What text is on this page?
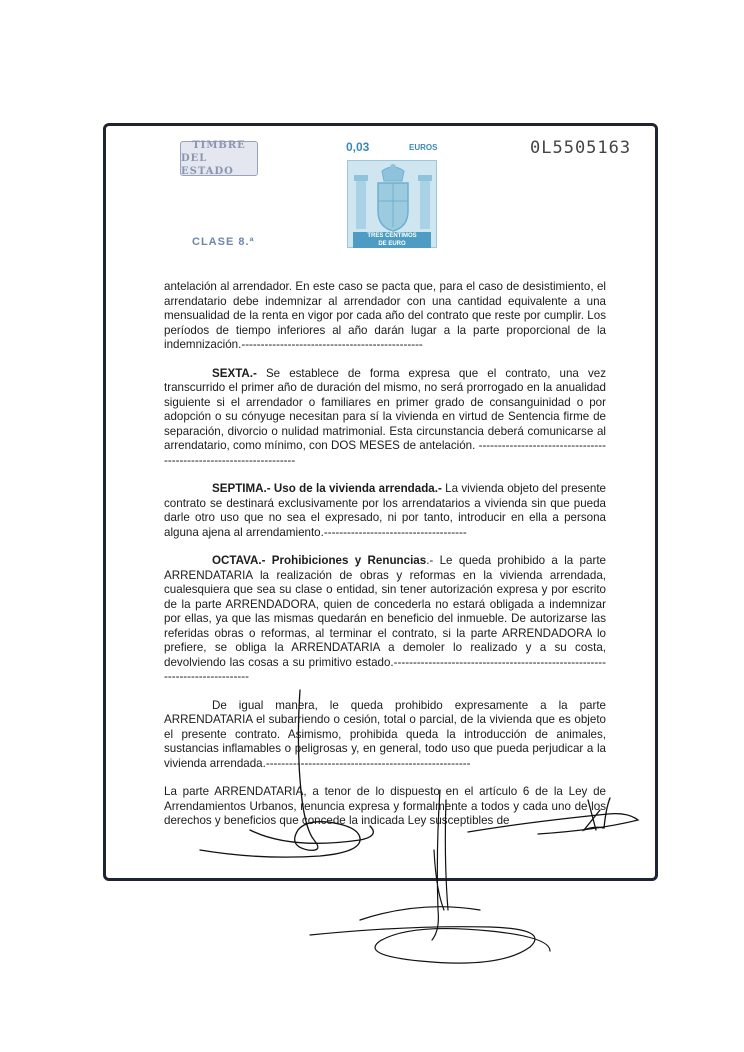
TIMBRE
DEL ESTADO
CLASE 8.ª
0,03	EUROS
TRES CÉNTIMOS
DE EURO
0L5505163

antelación al arrendador. En este caso se pacta que, para el caso de desistimiento, el arrendatario debe indemnizar al arrendador con una cantidad equivalente a una mensualidad de la renta en vigor por cada año del contrato que reste por cumplir. Los períodos de tiempo inferiores al año darán lugar a la parte proporcional de la indemnización.-----------------------------------------------

SEXTA.- Se establece de forma expresa que el contrato, una vez transcurrido el primer año de duración del mismo, no será prorrogado en la anualidad siguiente si el arrendador o familiares en primer grado de consanguinidad o por adopción o su cónyuge necesitan para sí la vivienda en virtud de Sentencia firme de separación, divorcio o nulidad matrimonial. Esta circunstancia deberá comunicarse al arrendatario, como mínimo, con DOS MESES de antelación. -------------------------------------------------------------------

SEPTIMA.- Uso de la vivienda arrendada.- La vivienda objeto del presente contrato se destinará exclusivamente por los arrendatarios a vivienda sin que pueda darle otro uso que no sea el expresado, ni por tanto, introducir en ella a persona alguna ajena al arrendamiento.-------------------------------------

OCTAVA.- Prohibiciones y Renuncias.- Le queda prohibido a la parte ARRENDATARIA la realización de obras y reformas en la vivienda arrendada, cualesquiera que sea su clase o entidad, sin tener autorización expresa y por escrito de la parte ARRENDADORA, quien de concederla no estará obligada a indemnizar por ellas, ya que las mismas quedarán en beneficio del inmueble. De autorizarse las referidas obras o reformas, al terminar el contrato, si la parte ARRENDADORA lo prefiere, se obliga la ARRENDATARIA a demoler lo realizado y a su costa, devolviendo las cosas a su primitivo estado.-----------------------------------------------------------------------------

De igual manera, le queda prohibido expresamente a la parte ARRENDATARIA el subarriendo o cesión, total o parcial, de la vivienda que es objeto el presente contrato. Asimismo, prohibida queda la introducción de animales, sustancias inflamables o peligrosas y, en general, todo uso que pueda perjudicar a la vivienda arrendada.-----------------------------------------------------

La parte ARRENDATARIA, a tenor de lo dispuesto en el artículo 6 de la Ley de Arrendamientos Urbanos, renuncia expresa y formalmente a todos y cada uno de los derechos y beneficios que concede la indicada Ley susceptibles de
